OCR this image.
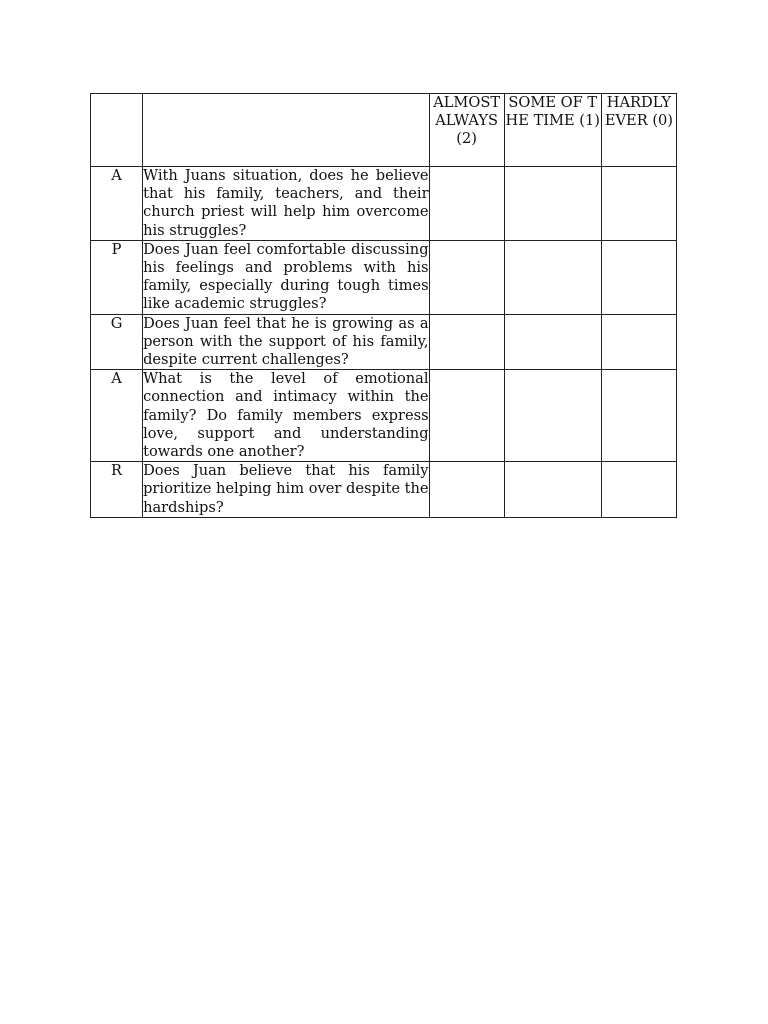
		ALMOST ALWAYS (2)	SOME OF THE TIME (1)	HARDLY EVER (0)
A	With Juans situation, does he believe that his family, teachers, and their church priest will help him overcome his struggles?			
P	Does Juan feel comfortable discussing his feelings and problems with his family, especially during tough times like academic struggles?			
G	Does Juan feel that he is growing as a person with the support of his family, despite current challenges?			
A	What is the level of emotional connection and intimacy within the family? Do family members express love, support and understanding towards one another?			
R	Does Juan believe that his family prioritize helping him over despite the hardships?			
